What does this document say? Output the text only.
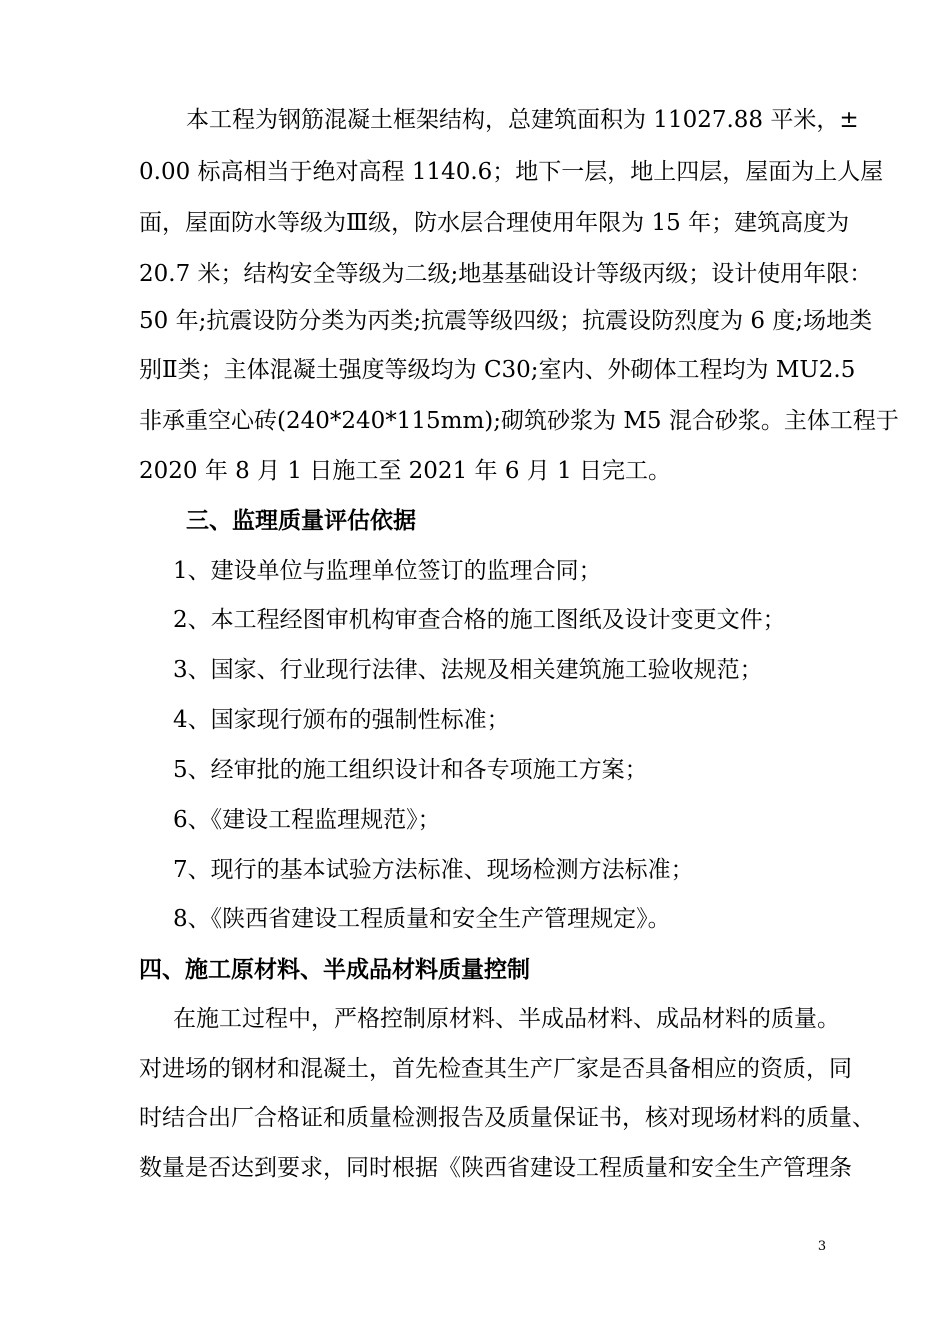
本工程为钢筋混凝土框架结构，总建筑面积为 11027.88 平米，±
0.00 标高相当于绝对高程 1140.6；地下一层，地上四层，屋面为上人屋
面，屋面防水等级为Ⅲ级，防水层合理使用年限为 15 年；建筑高度为
20.7 米；结构安全等级为二级;地基基础设计等级丙级；设计使用年限：
50 年;抗震设防分类为丙类;抗震等级四级；抗震设防烈度为 6 度;场地类
别Ⅱ类；主体混凝土强度等级均为 C30;室内、外砌体工程均为 MU2.5
非承重空心砖(240*240*115mm);砌筑砂浆为 M5 混合砂浆。主体工程于
2020 年 8 月 1 日施工至 2021 年 6 月 1 日完工。
三、监理质量评估依据
1、建设单位与监理单位签订的监理合同；
2、本工程经图审机构审查合格的施工图纸及设计变更文件；
3、国家、行业现行法律、法规及相关建筑施工验收规范；
4、国家现行颁布的强制性标准；
5、经审批的施工组织设计和各专项施工方案；
6、《建设工程监理规范》；
7、现行的基本试验方法标准、现场检测方法标准；
8、《陕西省建设工程质量和安全生产管理规定》。
四、施工原材料、半成品材料质量控制
在施工过程中，严格控制原材料、半成品材料、成品材料的质量。
对进场的钢材和混凝土，首先检查其生产厂家是否具备相应的资质，同
时结合出厂合格证和质量检测报告及质量保证书，核对现场材料的质量、
数量是否达到要求，同时根据《陕西省建设工程质量和安全生产管理条
3
